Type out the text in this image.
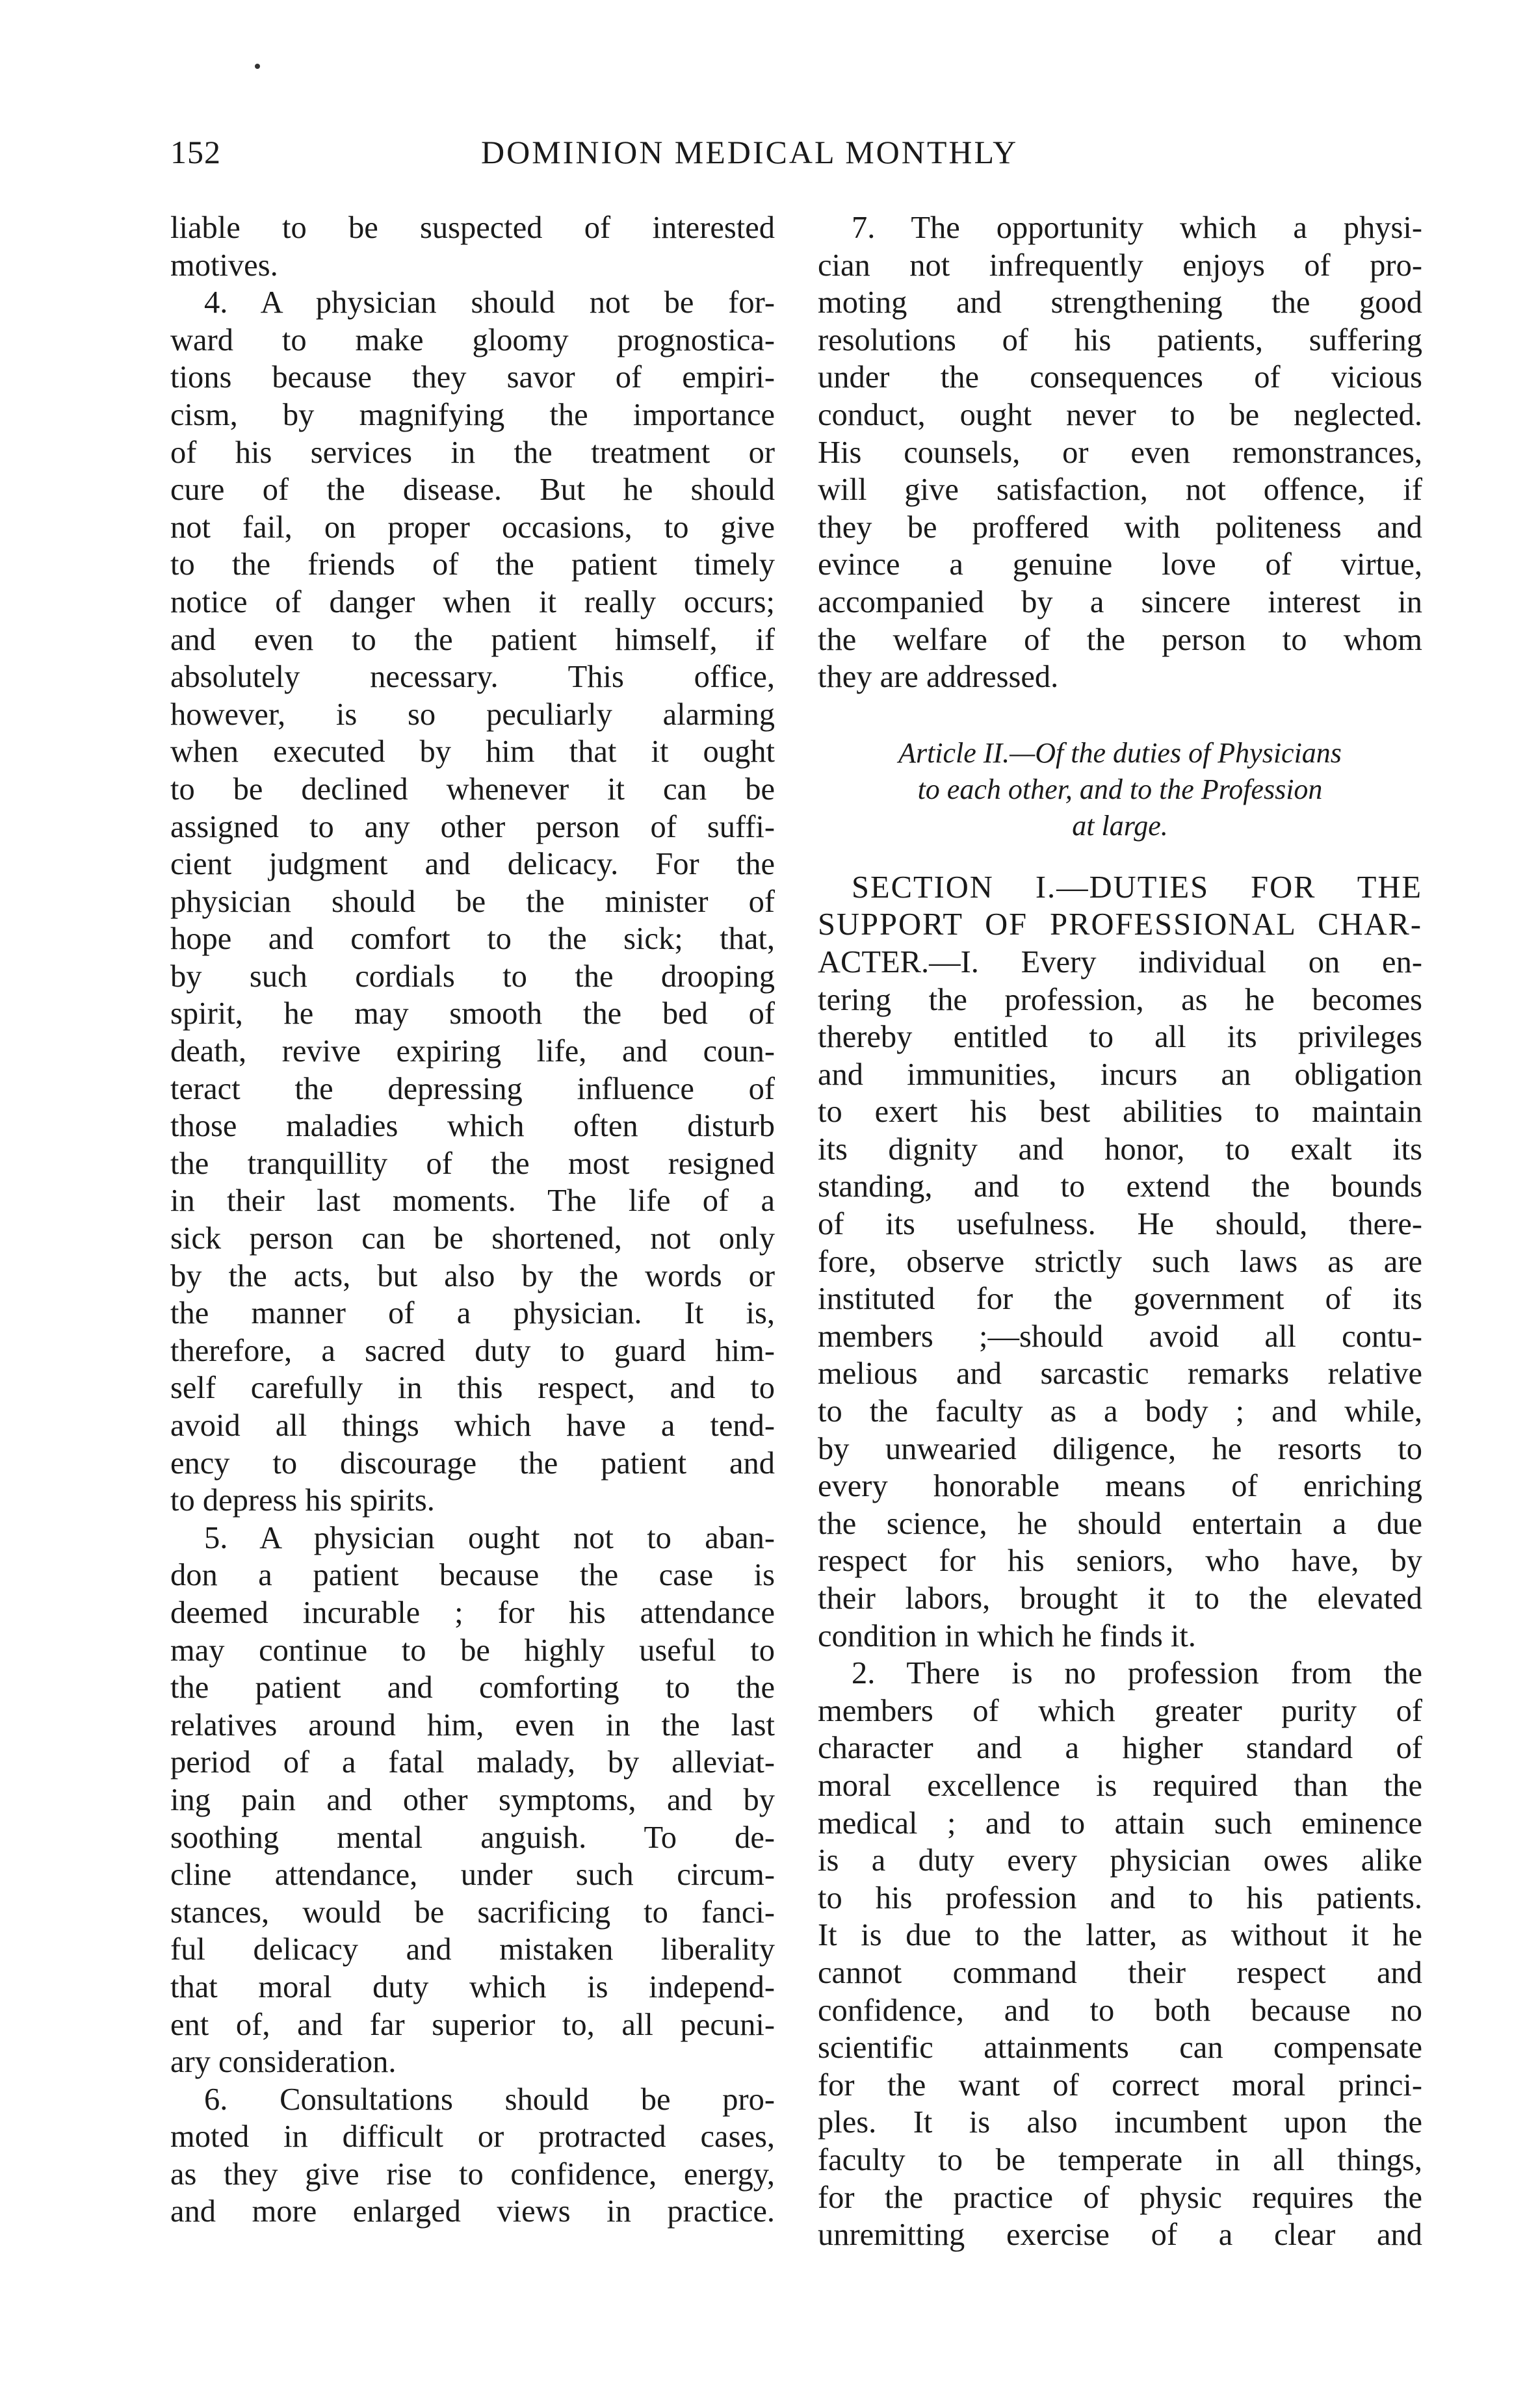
152	DOMINION MEDICAL MONTHLY
liable to be suspected of interested
motives.
4. A physician should not be for-
ward to make gloomy prognostica-
tions because they savor of empiri-
cism, by magnifying the importance
of his services in the treatment or
cure of the disease. But he should
not fail, on proper occasions, to give
to the friends of the patient timely
notice of danger when it really occurs;
and even to the patient himself, if
absolutely necessary. This office,
however, is so peculiarly alarming
when executed by him that it ought
to be declined whenever it can be
assigned to any other person of suffi-
cient judgment and delicacy. For the
physician should be the minister of
hope and comfort to the sick; that,
by such cordials to the drooping
spirit, he may smooth the bed of
death, revive expiring life, and coun-
teract the depressing influence of
those maladies which often disturb
the tranquillity of the most resigned
in their last moments. The life of a
sick person can be shortened, not only
by the acts, but also by the words or
the manner of a physician. It is,
therefore, a sacred duty to guard him-
self carefully in this respect, and to
avoid all things which have a tend-
ency to discourage the patient and
to depress his spirits.
5. A physician ought not to aban-
don a patient because the case is
deemed incurable ; for his attendance
may continue to be highly useful to
the patient and comforting to the
relatives around him, even in the last
period of a fatal malady, by alleviat-
ing pain and other symptoms, and by
soothing mental anguish. To de-
cline attendance, under such circum-
stances, would be sacrificing to fanci-
ful delicacy and mistaken liberality
that moral duty which is independ-
ent of, and far superior to, all pecuni-
ary consideration.
6. Consultations should be pro-
moted in difficult or protracted cases,
as they give rise to confidence, energy,
and more enlarged views in practice.
7. The opportunity which a physi-
cian not infrequently enjoys of pro-
moting and strengthening the good
resolutions of his patients, suffering
under the consequences of vicious
conduct, ought never to be neglected.
His counsels, or even remonstrances,
will give satisfaction, not offence, if
they be proffered with politeness and
evince a genuine love of virtue,
accompanied by a sincere interest in
the welfare of the person to whom
they are addressed.
Article II.—Of the duties of Physicians
to each other, and to the Profession
at large.
SECTION I.—DUTIES FOR THE
SUPPORT OF PROFESSIONAL CHAR-
ACTER.—I. Every individual on en-
tering the profession, as he becomes
thereby entitled to all its privileges
and immunities, incurs an obligation
to exert his best abilities to maintain
its dignity and honor, to exalt its
standing, and to extend the bounds
of its usefulness. He should, there-
fore, observe strictly such laws as are
instituted for the government of its
members ;—should avoid all contu-
melious and sarcastic remarks relative
to the faculty as a body ; and while,
by unwearied diligence, he resorts to
every honorable means of enriching
the science, he should entertain a due
respect for his seniors, who have, by
their labors, brought it to the elevated
condition in which he finds it.
2. There is no profession from the
members of which greater purity of
character and a higher standard of
moral excellence is required than the
medical ; and to attain such eminence
is a duty every physician owes alike
to his profession and to his patients.
It is due to the latter, as without it he
cannot command their respect and
confidence, and to both because no
scientific attainments can compensate
for the want of correct moral princi-
ples. It is also incumbent upon the
faculty to be temperate in all things,
for the practice of physic requires the
unremitting exercise of a clear and
